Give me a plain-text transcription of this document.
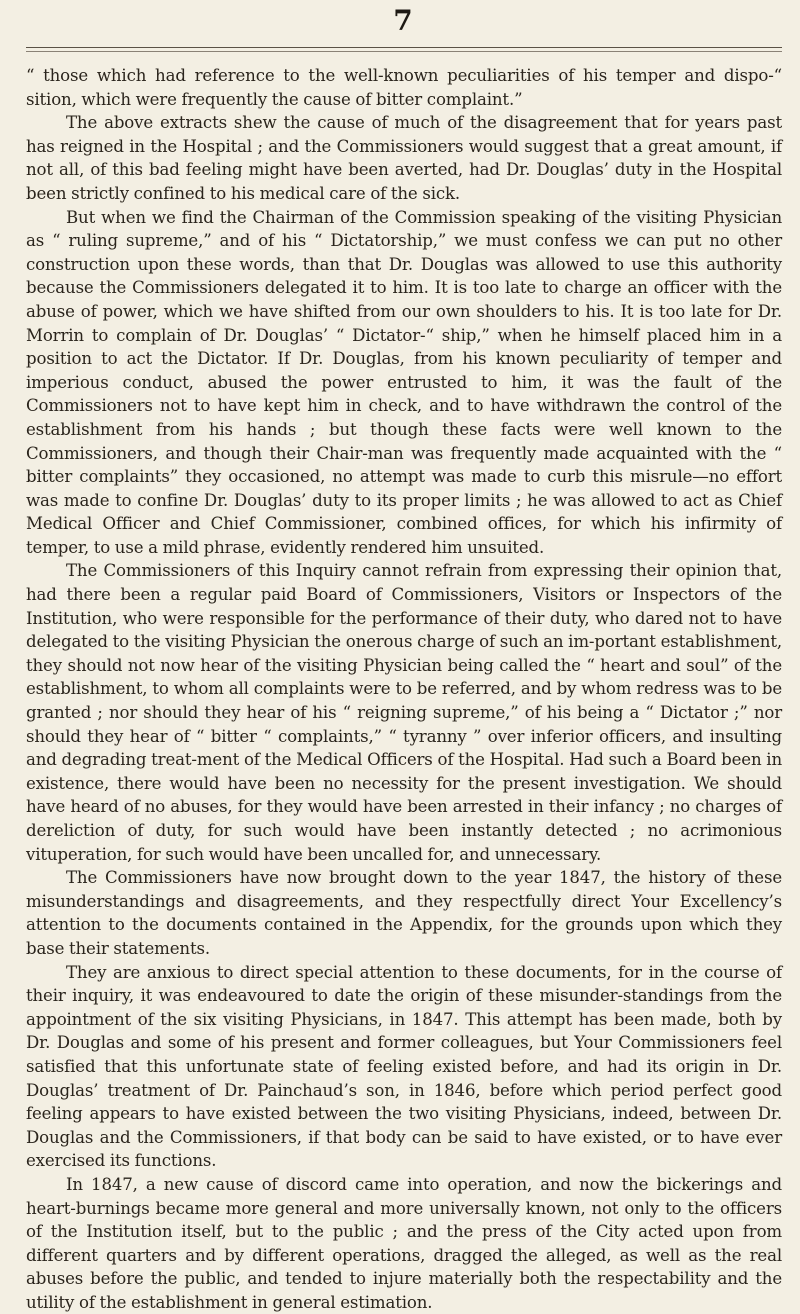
7

“ those which had reference to the well-known peculiarities of his temper and dispo-“ sition, which were frequently the cause of bitter complaint.”

The above extracts shew the cause of much of the disagreement that for years past has reigned in the Hospital ; and the Commissioners would suggest that a great amount, if not all, of this bad feeling might have been averted, had Dr. Douglas’ duty in the Hospital been strictly confined to his medical care of the sick.

But when we find the Chairman of the Commission speaking of the visiting Physician as “ ruling supreme,” and of his “ Dictatorship,” we must confess we can put no other construction upon these words, than that Dr. Douglas was allowed to use this authority because the Commissioners delegated it to him. It is too late to charge an officer with the abuse of power, which we have shifted from our own shoulders to his. It is too late for Dr. Morrin to complain of Dr. Douglas’ “ Dictator-“ ship,” when he himself placed him in a position to act the Dictator. If Dr. Douglas, from his known peculiarity of temper and imperious conduct, abused the power entrusted to him, it was the fault of the Commissioners not to have kept him in check, and to have withdrawn the control of the establishment from his hands ; but though these facts were well known to the Commissioners, and though their Chair-man was frequently made acquainted with the “ bitter complaints” they occasioned, no attempt was made to curb this misrule—no effort was made to confine Dr. Douglas’ duty to its proper limits ; he was allowed to act as Chief Medical Officer and Chief Commissioner, combined offices, for which his infirmity of temper, to use a mild phrase, evidently rendered him unsuited.

The Commissioners of this Inquiry cannot refrain from expressing their opinion that, had there been a regular paid Board of Commissioners, Visitors or Inspectors of the Institution, who were responsible for the performance of their duty, who dared not to have delegated to the visiting Physician the onerous charge of such an im-portant establishment, they should not now hear of the visiting Physician being called the “ heart and soul” of the establishment, to whom all complaints were to be referred, and by whom redress was to be granted ; nor should they hear of his “ reigning supreme,” of his being a “ Dictator ;” nor should they hear of “ bitter “ complaints,” “ tyranny ” over inferior officers, and insulting and degrading treat-ment of the Medical Officers of the Hospital. Had such a Board been in existence, there would have been no necessity for the present investigation. We should have heard of no abuses, for they would have been arrested in their infancy ; no charges of dereliction of duty, for such would have been instantly detected ; no acrimonious vituperation, for such would have been uncalled for, and unnecessary.

The Commissioners have now brought down to the year 1847, the history of these misunderstandings and disagreements, and they respectfully direct Your Excellency’s attention to the documents contained in the Appendix, for the grounds upon which they base their statements.

They are anxious to direct special attention to these documents, for in the course of their inquiry, it was endeavoured to date the origin of these misunder-standings from the appointment of the six visiting Physicians, in 1847. This attempt has been made, both by Dr. Douglas and some of his present and former colleagues, but Your Commissioners feel satisfied that this unfortunate state of feeling existed before, and had its origin in Dr. Douglas’ treatment of Dr. Painchaud’s son, in 1846, before which period perfect good feeling appears to have existed between the two visiting Physicians, indeed, between Dr. Douglas and the Commissioners, if that body can be said to have existed, or to have ever exercised its functions.

In 1847, a new cause of discord came into operation, and now the bickerings and heart-burnings became more general and more universally known, not only to the officers of the Institution itself, but to the public ; and the press of the City acted upon from different quarters and by different operations, dragged the alleged, as well as the real abuses before the public, and tended to injure materially both the respectability and the utility of the establishment in general estimation.
